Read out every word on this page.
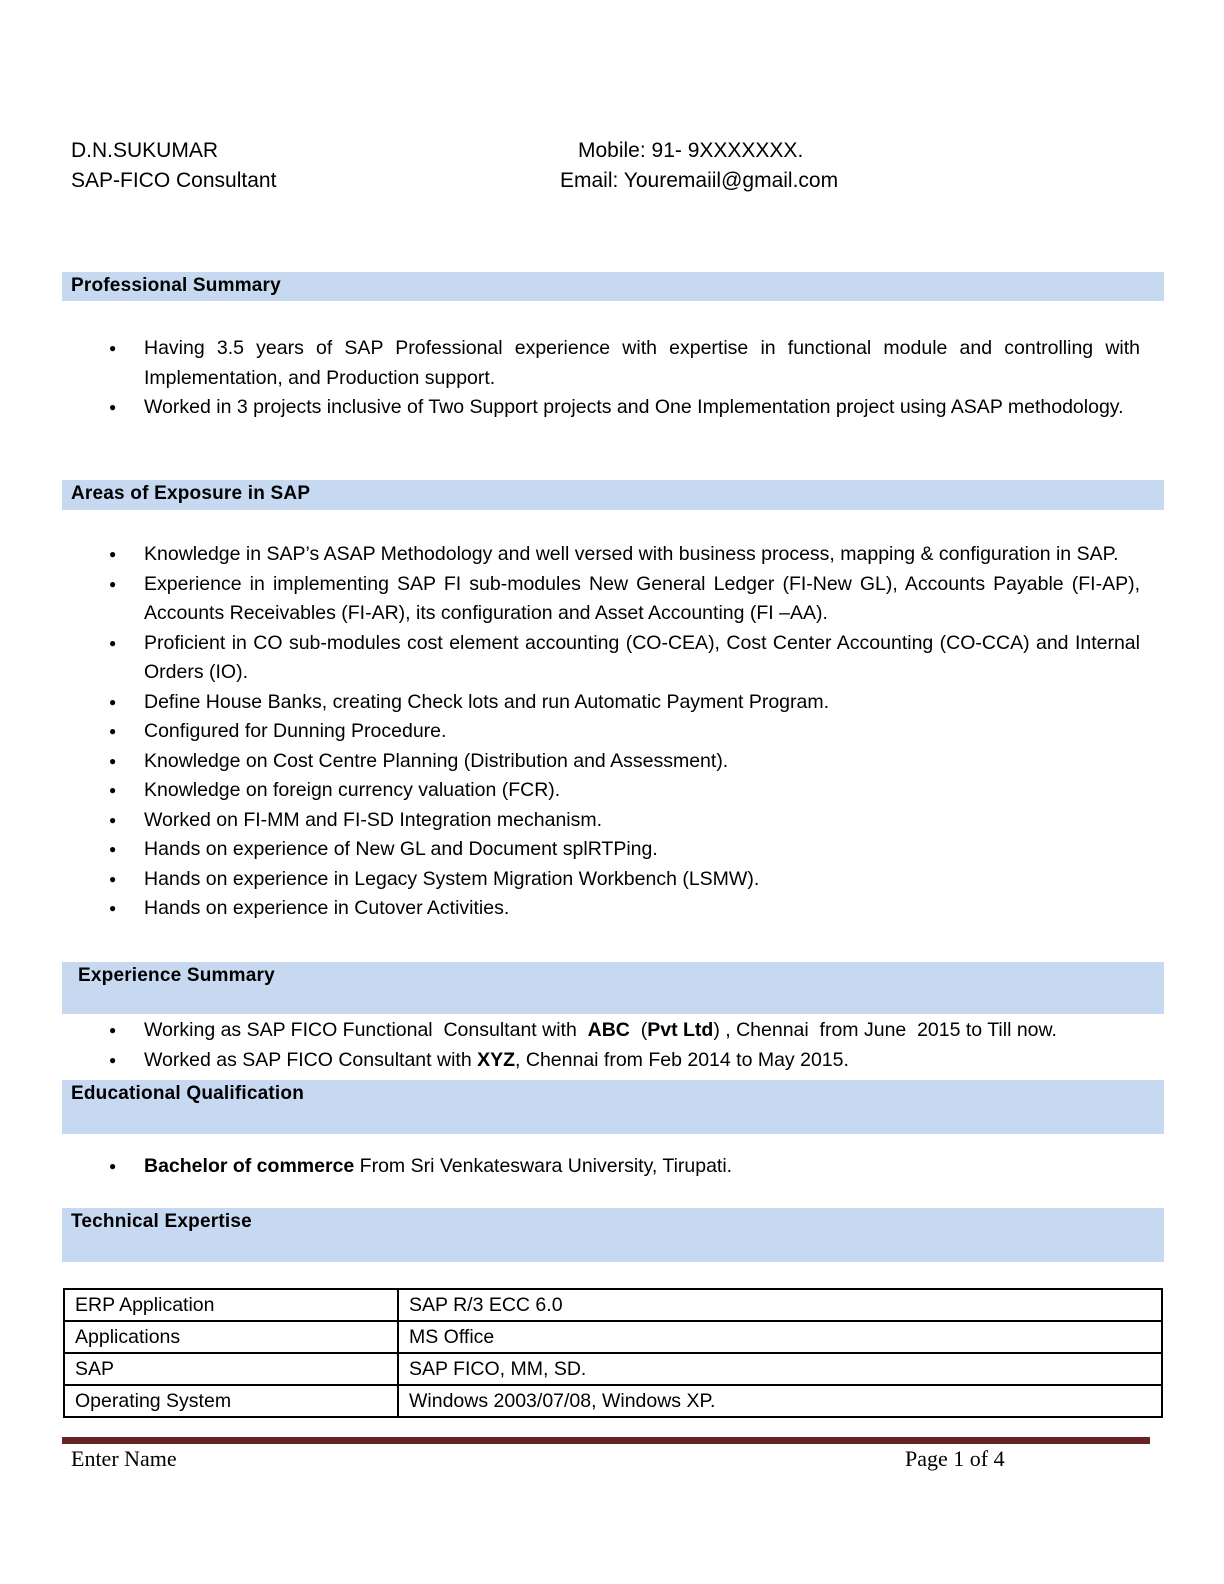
D.N.SUKUMAR
SAP-FICO Consultant
Mobile: 91- 9XXXXXXX.
Email: Youremaiil@gmail.com
Professional Summary
● Having 3.5 years of SAP Professional experience with expertise in functional module and controlling with Implementation, and Production support.
● Worked in 3 projects inclusive of Two Support projects and One Implementation project using ASAP methodology.
Areas of Exposure in SAP
● Knowledge in SAP’s ASAP Methodology and well versed with business process, mapping & configuration in SAP.
● Experience in implementing SAP FI sub-modules New General Ledger (FI-New GL), Accounts Payable (FI-AP), Accounts Receivables (FI-AR), its configuration and Asset Accounting (FI –AA).
● Proficient in CO sub-modules cost element accounting (CO-CEA), Cost Center Accounting (CO-CCA) and Internal Orders (IO).
● Define House Banks, creating Check lots and run Automatic Payment Program.
● Configured for Dunning Procedure.
● Knowledge on Cost Centre Planning (Distribution and Assessment).
● Knowledge on foreign currency valuation (FCR).
● Worked on FI-MM and FI-SD Integration mechanism.
● Hands on experience of New GL and Document splRTPing.
● Hands on experience in Legacy System Migration Workbench (LSMW).
● Hands on experience in Cutover Activities.
Experience Summary
● Working as SAP FICO Functional  Consultant with  ABC  (Pvt Ltd) , Chennai  from June  2015 to Till now.
● Worked as SAP FICO Consultant with XYZ, Chennai from Feb 2014 to May 2015.
Educational Qualification
● Bachelor of commerce From Sri Venkateswara University, Tirupati.
Technical Expertise
ERP Application	SAP R/3 ECC 6.0
Applications	MS Office
SAP	SAP FICO, MM, SD.
Operating System	Windows 2003/07/08, Windows XP.
Enter Name	Page 1 of 4
